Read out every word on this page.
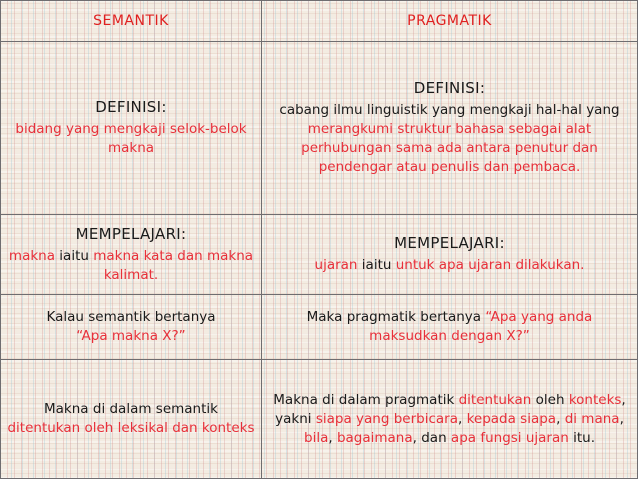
SEMANTIK	PRAGMATIK
DEFINISI:
bidang yang mengkaji selok-belok makna
DEFINISI:
cabang ilmu linguistik yang mengkaji hal-hal yang merangkumi struktur bahasa sebagai alat perhubungan sama ada antara penutur dan pendengar atau penulis dan pembaca.
MEMPELAJARI:
makna iaitu makna kata dan makna kalimat.
MEMPELAJARI:
ujaran iaitu untuk apa ujaran dilakukan.
Kalau semantik bertanya
“Apa makna X?”
Maka pragmatik bertanya “Apa yang anda maksudkan dengan X?”
Makna di dalam semantik ditentukan oleh leksikal dan konteks
Makna di dalam pragmatik ditentukan oleh konteks, yakni siapa yang berbicara, kepada siapa, di mana, bila, bagaimana, dan apa fungsi ujaran itu.
